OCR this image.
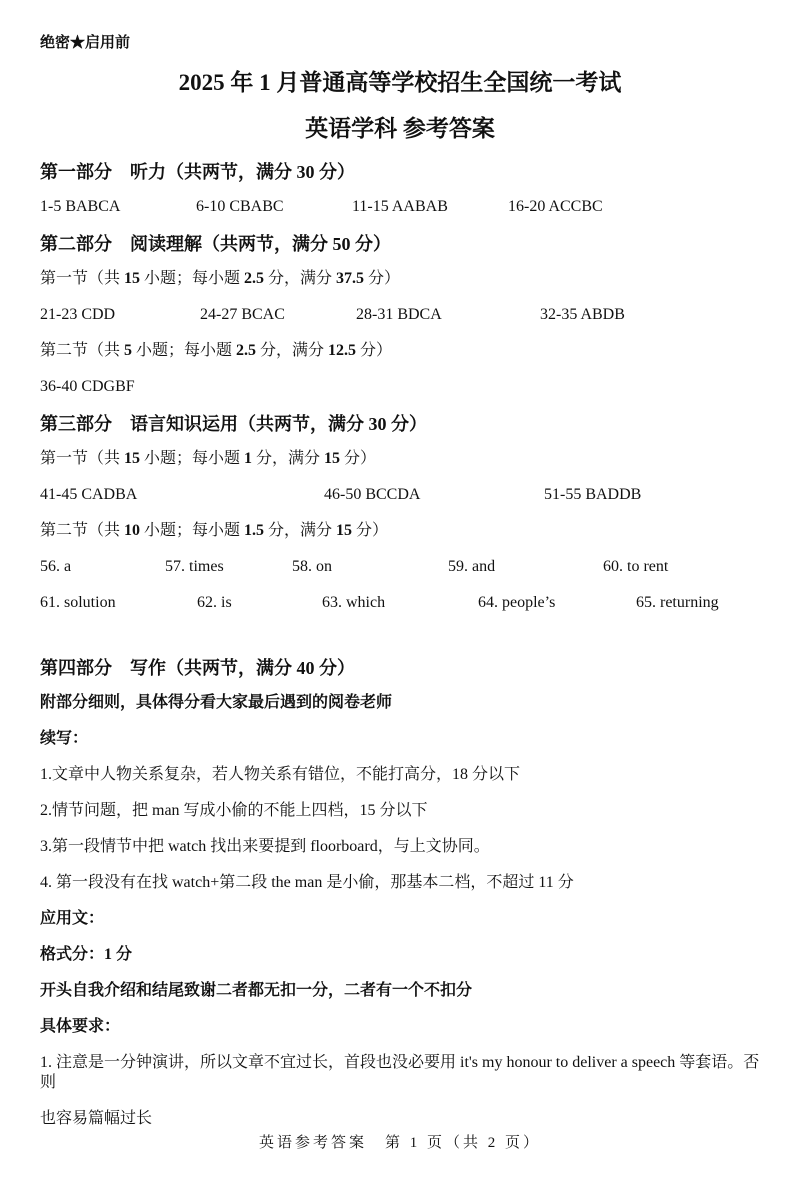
绝密★启用前
2025 年 1 月普通高等学校招生全国统一考试
英语学科 参考答案
第一部分　听力（共两节，满分 30 分）
1-5 BABCA	6-10 CBABC	11-15 AABAB	16-20 ACCBC
第二部分　阅读理解（共两节，满分 50 分）
第一节（共 15 小题；每小题 2.5 分，满分 37.5 分）
21-23 CDD	24-27 BCAC	28-31 BDCA	32-35 ABDB
第二节（共 5 小题；每小题 2.5 分，满分 12.5 分）
36-40 CDGBF
第三部分　语言知识运用（共两节，满分 30 分）
第一节（共 15 小题；每小题 1 分，满分 15 分）
41-45 CADBA	46-50 BCCDA	51-55 BADDB
第二节（共 10 小题；每小题 1.5 分，满分 15 分）
56. a	57. times	58. on	59. and	60. to rent
61. solution	62. is	63. which	64. people’s	65. returning
第四部分　写作（共两节，满分 40 分）
附部分细则，具体得分看大家最后遇到的阅卷老师
续写：
1.文章中人物关系复杂，若人物关系有错位，不能打高分，18 分以下
2.情节问题，把 man 写成小偷的不能上四档，15 分以下
3.第一段情节中把 watch 找出来要提到 floorboard，与上文协同。
4. 第一段没有在找 watch+第二段 the man 是小偷，那基本二档，不超过 11 分
应用文：
格式分：1 分
开头自我介绍和结尾致谢二者都无扣一分，二者有一个不扣分
具体要求：
1. 注意是一分钟演讲，所以文章不宜过长，首段也没必要用 it's my honour to deliver a speech 等套语。否则
也容易篇幅过长
英语参考答案　第 1 页（共 2 页）
